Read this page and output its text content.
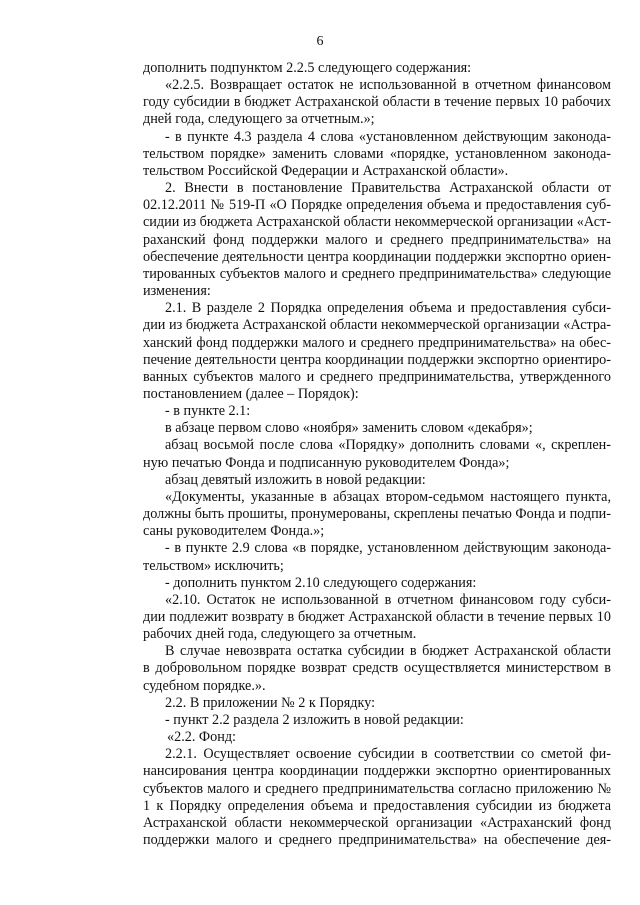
6

дополнить подпунктом 2.2.5 следующего содержания:

«2.2.5. Возвращает остаток не использованной в отчетном финансовом
году субсидии в бюджет Астраханской области в течение первых 10 рабочих
дней года, следующего за отчетным.»;

- в пункте 4.3 раздела 4 слова «установленном действующим законода-
тельством порядке» заменить словами «порядке, установленном законода-
тельством Российской Федерации и Астраханской области».

2. Внести в постановление Правительства Астраханской области от
02.12.2011 № 519-П «О Порядке определения объема и предоставления суб-
сидии из бюджета Астраханской области некоммерческой организации «Аст-
раханский фонд поддержки малого и среднего предпринимательства» на
обеспечение деятельности центра координации поддержки экспортно ориен-
тированных субъектов малого и среднего предпринимательства» следующие
изменения:

2.1. В разделе 2 Порядка определения объема и предоставления субси-
дии из бюджета Астраханской области некоммерческой организации «Астра-
ханский фонд поддержки малого и среднего предпринимательства» на обес-
печение деятельности центра координации поддержки экспортно ориентиро-
ванных субъектов малого и среднего предпринимательства, утвержденного
постановлением (далее – Порядок):

- в пункте 2.1:

в абзаце первом слово «ноября» заменить словом «декабря»;

абзац восьмой после слова «Порядку» дополнить словами «, скреплен-
ную печатью Фонда и подписанную руководителем Фонда»;

абзац девятый изложить в новой редакции:

«Документы, указанные в абзацах втором-седьмом настоящего пункта,
должны быть прошиты, пронумерованы, скреплены печатью Фонда и подпи-
саны руководителем Фонда.»;

- в пункте 2.9 слова «в порядке, установленном действующим законода-
тельством» исключить;

- дополнить пунктом 2.10 следующего содержания:

«2.10. Остаток не использованной в отчетном финансовом году субси-
дии подлежит возврату в бюджет Астраханской области в течение первых 10
рабочих дней года, следующего за отчетным.

В случае невозврата остатка субсидии в бюджет Астраханской области
в добровольном порядке возврат средств осуществляется министерством в
судебном порядке.».

2.2. В приложении № 2 к Порядку:

- пункт 2.2 раздела 2 изложить в новой редакции:

«2.2. Фонд:

2.2.1. Осуществляет освоение субсидии в соответствии со сметой фи-
нансирования центра координации поддержки экспортно ориентированных
субъектов малого и среднего предпринимательства согласно приложению №
1 к Порядку определения объема и предоставления субсидии из бюджета
Астраханской области некоммерческой организации «Астраханский фонд
поддержки малого и среднего предпринимательства» на обеспечение дея-
